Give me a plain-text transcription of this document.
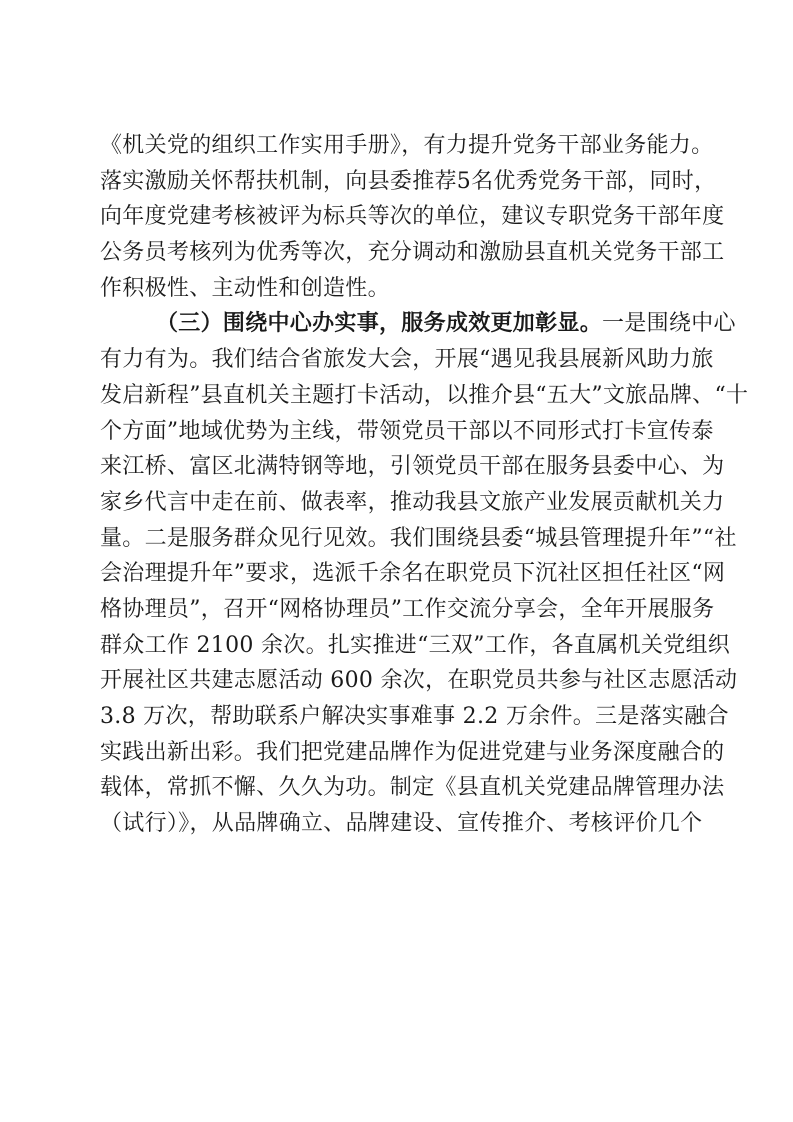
《机关党的组织工作实用手册》，有力提升党务干部业务能力。
落实激励关怀帮扶机制，向县委推荐5名优秀党务干部，同时，
向年度党建考核被评为标兵等次的单位，建议专职党务干部年度
公务员考核列为优秀等次，充分调动和激励县直机关党务干部工
作积极性、主动性和创造性。
（三）围绕中心办实事，服务成效更加彰显。一是围绕中心
有力有为。我们结合省旅发大会，开展“遇见我县展新风助力旅
发启新程”县直机关主题打卡活动，以推介县“五大”文旅品牌、“十
个方面”地域优势为主线，带领党员干部以不同形式打卡宣传泰
来江桥、富区北满特钢等地，引领党员干部在服务县委中心、为
家乡代言中走在前、做表率，推动我县文旅产业发展贡献机关力
量。二是服务群众见行见效。我们围绕县委“城县管理提升年”“社
会治理提升年”要求，选派千余名在职党员下沉社区担任社区“网
格协理员”，召开“网格协理员”工作交流分享会，全年开展服务
群众工作 2100 余次。扎实推进“三双”工作，各直属机关党组织
开展社区共建志愿活动 600 余次，在职党员共参与社区志愿活动
3.8 万次，帮助联系户解决实事难事 2.2 万余件。三是落实融合
实践出新出彩。我们把党建品牌作为促进党建与业务深度融合的
载体，常抓不懈、久久为功。制定《县直机关党建品牌管理办法
（试行）》，从品牌确立、品牌建设、宣传推介、考核评价几个
